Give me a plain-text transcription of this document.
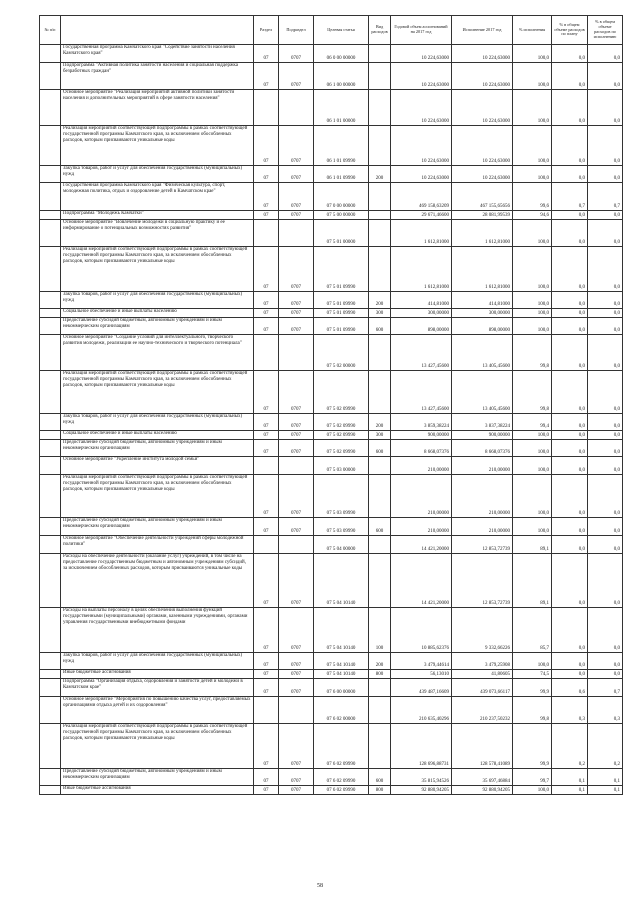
№ п/п		Раздел	Подраздел	Целевая статья	Вид расходов	Годовой объем ассигнований на 2017 год	Исполнение 2017 год	% исполнения	% в общем объеме расходов по плану	% в общем объеме расходов по исполнению
	Государственная программа Камчатского края "Содействие занятости населения Камчатского края"	07	0707	06 0 00 00000		10 224,63000	10 224,63000	100,0	0,0	0,0
	Подпрограмма "Активная политика занятости населения и социальная поддержка безработных граждан"	07	0707	06 1 00 00000		10 224,63000	10 224,63000	100,0	0,0	0,0
	Основное мероприятие "Реализация мероприятий активной политики занятости населения и дополнительных мероприятий в сфере занятости населения"			06 1 01 00000		10 224,63000	10 224,63000	100,0	0,0	0,0
	Реализация мероприятий соответствующей подпрограммы в рамках соответствующей государственной программы Камчатского края, за исключением обособленных расходов, которым присваиваются уникальные коды	07	0707	06 1 01 09990		10 224,63000	10 224,63000	100,0	0,0	0,0
	Закупка товаров, работ и услуг для обеспечения государственных (муниципальных) нужд	07	0707	06 1 01 09990	200	10 224,63000	10 224,63000	100,0	0,0	0,0
	Государственная программа Камчатского края "Физическая культура, спорт, молодежная политика, отдых и оздоровление детей в Камчатском крае"	07	0707	07 0 00 00000		469 158,63209	467 155,65656	99,6	0,7	0,7
	Подпрограмма "Молодежь Камчатки"	07	0707	07 5 00 00000		29 671,46600	28 081,99539	94,6	0,0	0,0
	Основное мероприятие "Вовлечение молодежи в социальную практику и ее информирование о потенциальных возможностях развития"			07 5 01 00000		1 612,81000	1 612,81000	100,0	0,0	0,0
	Реализация мероприятий соответствующей подпрограммы в рамках соответствующей государственной программы Камчатского края, за исключением обособленных расходов, которым присваиваются уникальные коды	07	0707	07 5 01 09990		1 612,81000	1 612,81000	100,0	0,0	0,0
	Закупка товаров, работ и услуг для обеспечения государственных (муниципальных) нужд	07	0707	07 5 01 09990	200	414,81000	414,81000	100,0	0,0	0,0
	Социальное обеспечение и иные выплаты населению	07	0707	07 5 01 09990	300	300,00000	300,00000	100,0	0,0	0,0
	Предоставление субсидий бюджетным, автономным учреждениям и иным некоммерческим организациям	07	0707	07 5 01 09990	600	898,00000	898,00000	100,0	0,0	0,0
	Основное мероприятие "Создание условий для интеллектуального, творческого развития молодежи, реализации ее научно-технического и творческого потенциала"			07 5 02 00000		13 427,45600	13 405,45600	99,8	0,0	0,0
	Реализация мероприятий соответствующей подпрограммы в рамках соответствующей государственной программы Камчатского края, за исключением обособленных расходов, которым присваиваются уникальные коды	07	0707	07 5 02 09990		13 427,45600	13 405,45600	99,8	0,0	0,0
	Закупка товаров, работ и услуг для обеспечения государственных (муниципальных) нужд	07	0707	07 5 02 09990	200	3 859,38224	3 837,38224	99,4	0,0	0,0
	Социальное обеспечение и иные выплаты населению	07	0707	07 5 02 09990	300	900,00000	900,00000	100,0	0,0	0,0
	Предоставление субсидий бюджетным, автономным учреждениям и иным некоммерческим организациям	07	0707	07 5 02 09990	600	8 668,07376	8 668,07376	100,0	0,0	0,0
	Основное мероприятие "Укрепление института молодой семьи"			07 5 03 00000		210,00000	210,00000	100,0	0,0	0,0
	Реализация мероприятий соответствующей подпрограммы в рамках соответствующей государственной программы Камчатского края, за исключением обособленных расходов, которым присваиваются уникальные коды	07	0707	07 5 03 09990		210,00000	210,00000	100,0	0,0	0,0
	Предоставление субсидий бюджетным, автономным учреждениям и иным некоммерческим организациям	07	0707	07 5 03 09990	600	210,00000	210,00000	100,0	0,0	0,0
	Основное мероприятие "Обеспечение деятельности учреждений сферы молодежной политики"			07 5 04 00000		14 421,20000	12 853,72739	89,1	0,0	0,0
	Расходы на обеспечение деятельности (оказание услуг) учреждений, в том числе на предоставление государственным бюджетным и автономным учреждениям субсидий, за исключением обособленных расходов, которым присваиваются уникальные коды	07	0707	07 5 04 10140		14 421,20000	12 853,72739	89,1	0,0	0,0
	Расходы на выплаты персоналу в целях обеспечения выполнения функций государственными (муниципальными) органами, казенными учреждениями, органами управления государственными внебюджетными фондами	07	0707	07 5 04 10140	100	10 885,62376	9 332,66226	85,7	0,0	0,0
	Закупка товаров, работ и услуг для обеспечения государственных (муниципальных) нужд	07	0707	07 5 04 10140	200	3 479,44614	3 479,25908	100,0	0,0	0,0
	Иные бюджетные ассигнования	07	0707	07 5 04 10140	800	56,13010	41,80605	74,5	0,0	0,0
	Подпрограмма "Организация отдыха, оздоровления и занятости детей и молодежи в Камчатском крае"	07	0707	07 6 00 00000		439 487,16609	439 073,66117	99,9	0,6	0,7
	Основное мероприятие "Мероприятия по повышению качества услуг, предоставляемых организациями отдыха детей и их оздоровления"			07 6 02 00000		210 635,40296	210 237,50232	99,8	0,3	0,3
	Реализация мероприятий соответствующей подпрограммы в рамках соответствующей государственной программы Камчатского края, за исключением обособленных расходов, которым присваиваются уникальные коды	07	0707	07 6 02 09990		128 696,88731	128 578,41089	99,9	0,2	0,2
	Предоставление субсидий бюджетным, автономным учреждениям и иным некоммерческим организациям	07	0707	07 6 02 09990	600	35 815,94526	35 697,46884	99,7	0,1	0,1
	Иные бюджетные ассигнования	07	0707	07 6 02 09990	800	92 880,94205	92 880,94205	100,0	0,1	0,1
58
